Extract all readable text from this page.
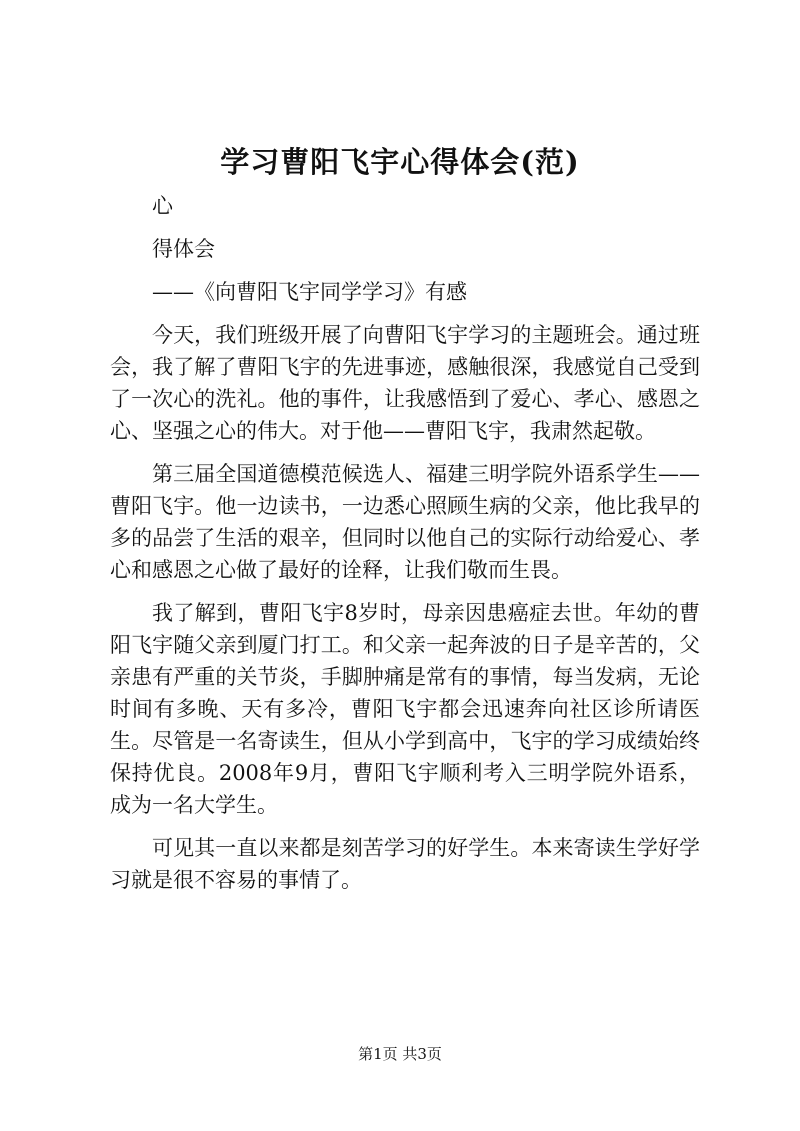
学习曹阳飞宇心得体会(范)

心

得体会

——《向曹阳飞宇同学学习》有感

今天，我们班级开展了向曹阳飞宇学习的主题班会。通过班会，我了解了曹阳飞宇的先进事迹，感触很深，我感觉自己受到了一次心的洗礼。他的事件，让我感悟到了爱心、孝心、感恩之心、坚强之心的伟大。对于他——曹阳飞宇，我肃然起敬。

第三届全国道德模范候选人、福建三明学院外语系学生——曹阳飞宇。他一边读书，一边悉心照顾生病的父亲，他比我早的多的品尝了生活的艰辛，但同时以他自己的实际行动给爱心、孝心和感恩之心做了最好的诠释，让我们敬而生畏。

我了解到，曹阳飞宇8岁时，母亲因患癌症去世。年幼的曹阳飞宇随父亲到厦门打工。和父亲一起奔波的日子是辛苦的，父亲患有严重的关节炎，手脚肿痛是常有的事情，每当发病，无论时间有多晚、天有多冷，曹阳飞宇都会迅速奔向社区诊所请医生。尽管是一名寄读生，但从小学到高中，飞宇的学习成绩始终保持优良。2008年9月，曹阳飞宇顺利考入三明学院外语系，成为一名大学生。

可见其一直以来都是刻苦学习的好学生。本来寄读生学好学习就是很不容易的事情了。

第1页 共3页
